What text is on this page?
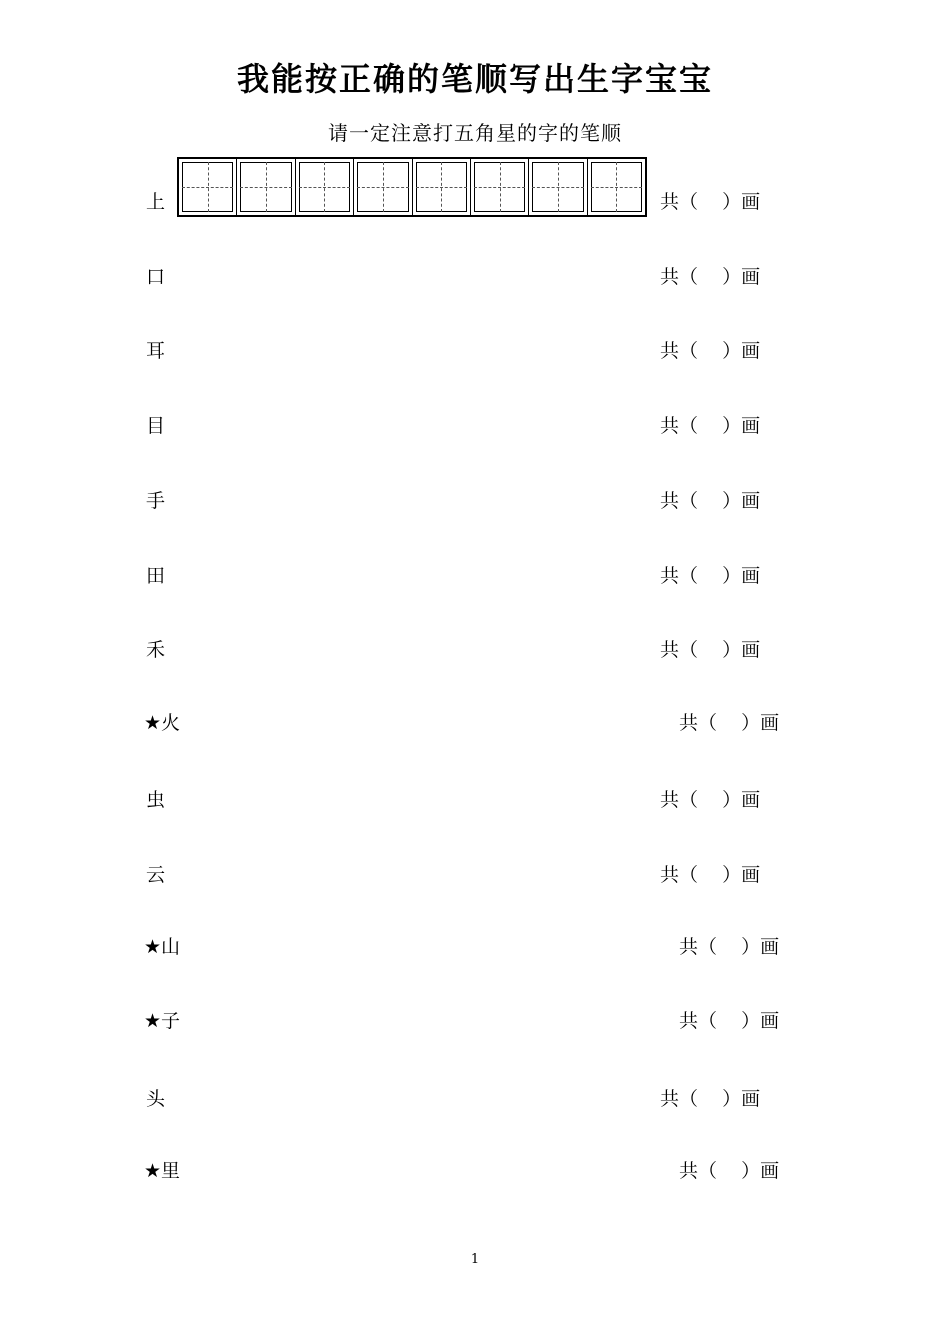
我能按正确的笔顺写出生字宝宝
请一定注意打五角星的字的笔顺
上	共（    ）画
口	共（    ）画
耳	共（    ）画
目	共（    ）画
手	共（    ）画
田	共（    ）画
禾	共（    ）画
★火	共（    ）画
虫	共（    ）画
云	共（    ）画
★山	共（    ）画
★子	共（    ）画
头	共（    ）画
★里	共（    ）画
1
